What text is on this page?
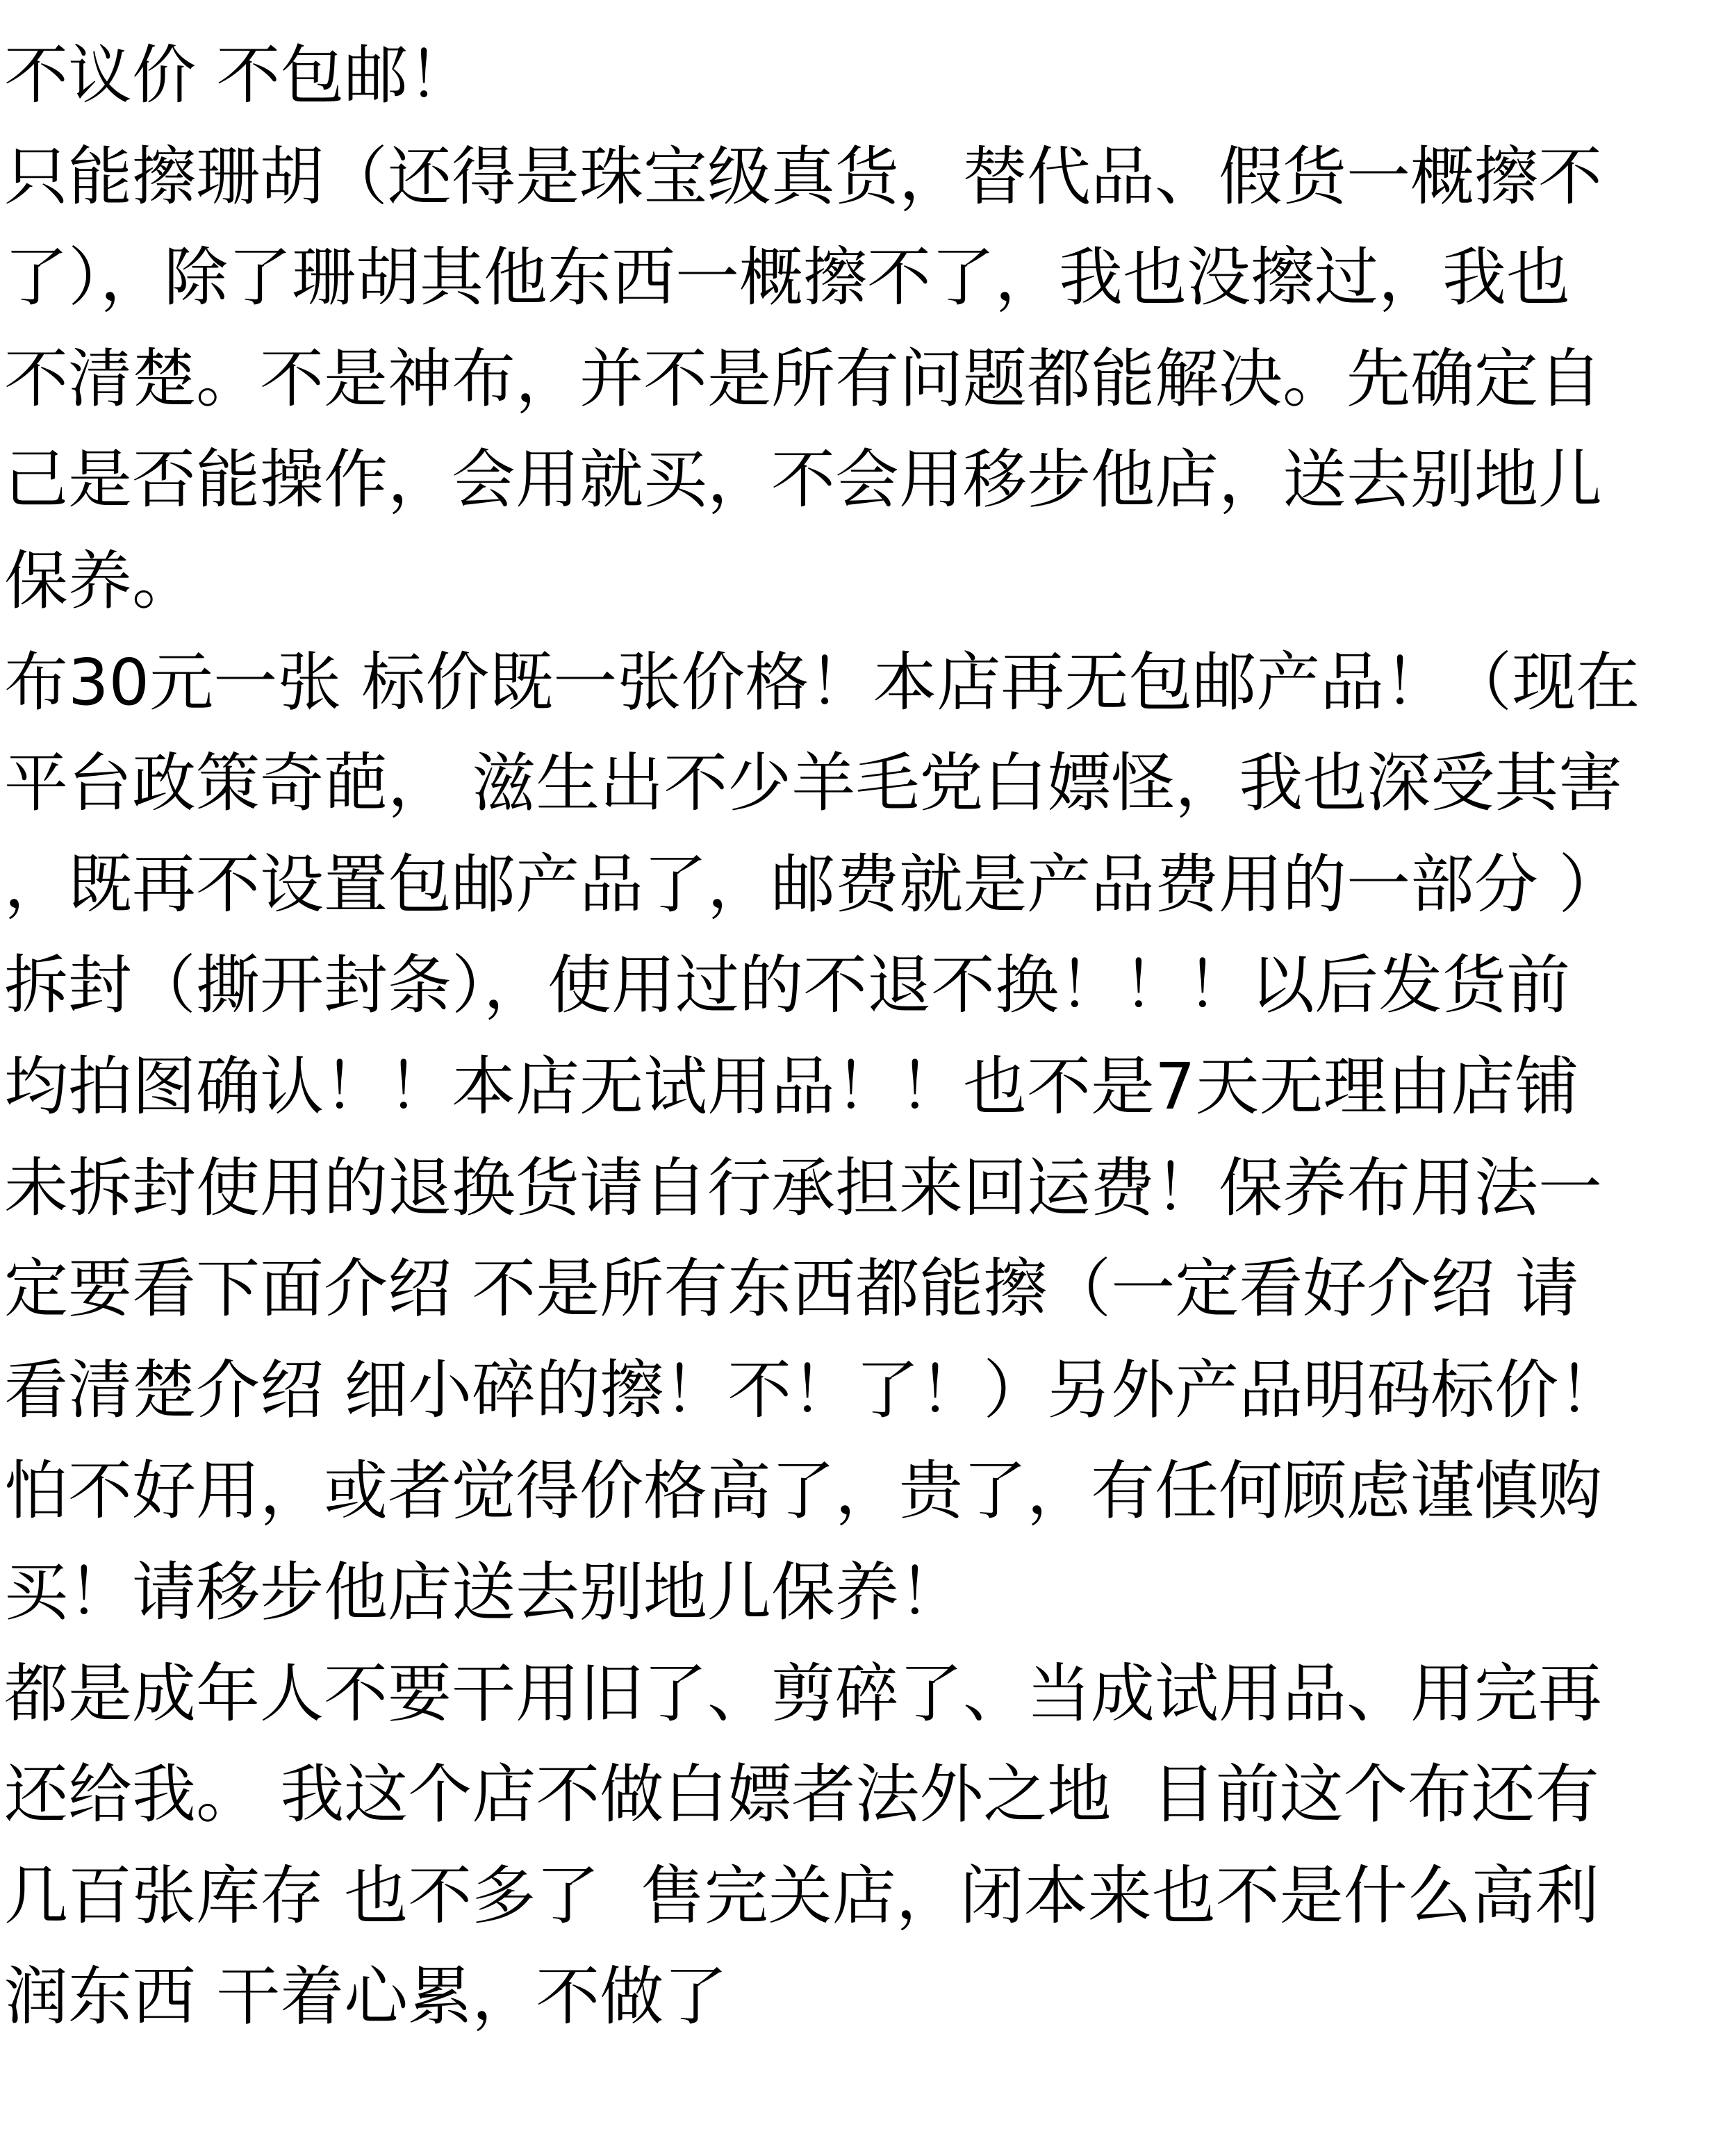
不议价 不包邮！
只能擦珊胡（还得是珠宝级真货，替代品、假货一概擦不
了），除了珊胡其他东西一概擦不了，我也没擦过，我也
不清楚。不是神布，并不是所有问题都能解决。先确定自
己是否能操作，会用就买，不会用移步他店，送去别地儿
保养。
布30元一张 标价既一张价格！本店再无包邮产品！（现在
平台政策奇葩， 滋生出不少羊毛党白嫖怪，我也深受其害
，既再不设置包邮产品了，邮费就是产品费用的一部分 ）
拆封（撕开封条），使用过的不退不换！！！以后发货前
均拍图确认！！本店无试用品！！也不是7天无理由店铺
未拆封使用的退换货请自行承担来回运费！保养布用法一
定要看下面介绍 不是所有东西都能擦（一定看好介绍 请
看清楚介绍 细小碎的擦！不！了！）另外产品明码标价！
怕不好用，或者觉得价格高了，贵了，有任何顾虑谨慎购
买！请移步他店送去别地儿保养！
都是成年人不要干用旧了、剪碎了、当成试用品、用完再
还给我。 我这个店不做白嫖者法外之地  目前这个布还有
几百张库存 也不多了  售完关店，闭本来也不是什么高利
润东西 干着心累，不做了
